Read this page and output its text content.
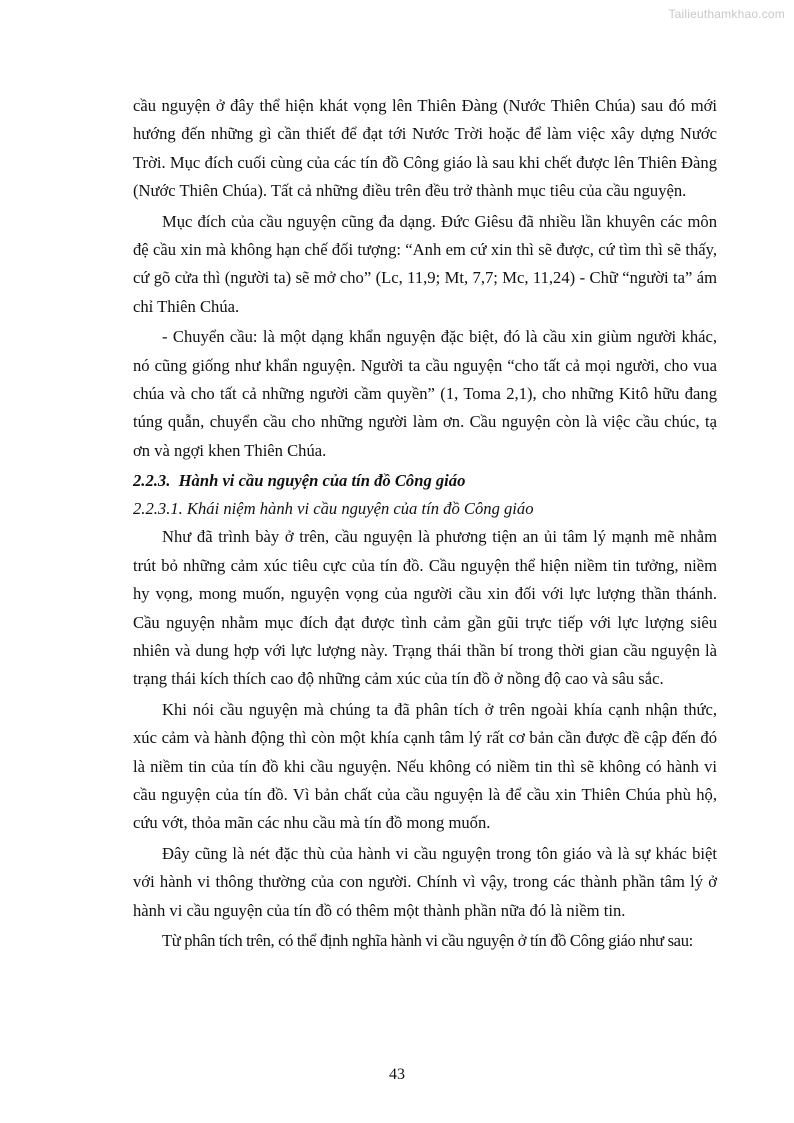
Tailieuthamkhao.com

cầu nguyện ở đây thể hiện khát vọng lên Thiên Đàng (Nước Thiên Chúa) sau đó mới hướng đến những gì cần thiết để đạt tới Nước Trời hoặc để làm việc xây dựng Nước Trời. Mục đích cuối cùng của các tín đồ Công giáo là sau khi chết được lên Thiên Đàng (Nước Thiên Chúa). Tất cả những điều trên đều trở thành mục tiêu của cầu nguyện.

Mục đích của cầu nguyện cũng đa dạng. Đức Giêsu đã nhiều lần khuyên các môn đệ cầu xin mà không hạn chế đối tượng: “Anh em cứ xin thì sẽ được, cứ tìm thì sẽ thấy, cứ gõ cửa thì (người ta) sẽ mở cho” (Lc, 11,9; Mt, 7,7; Mc, 11,24) - Chữ “người ta” ám chỉ Thiên Chúa.

- Chuyển cầu: là một dạng khẩn nguyện đặc biệt, đó là cầu xin giùm người khác, nó cũng giống như khẩn nguyện. Người ta cầu nguyện “cho tất cả mọi người, cho vua chúa và cho tất cả những người cầm quyền” (1, Toma 2,1), cho những Kitô hữu đang túng quẫn, chuyển cầu cho những người làm ơn. Cầu nguyện còn là việc cầu chúc, tạ ơn và ngợi khen Thiên Chúa.

2.2.3.  Hành vi cầu nguyện của tín đồ Công giáo

2.2.3.1. Khái niệm hành vi cầu nguyện của tín đồ Công giáo

Như đã trình bày ở trên, cầu nguyện là phương tiện an ủi tâm lý mạnh mẽ nhằm trút bỏ những cảm xúc tiêu cực của tín đồ. Cầu nguyện thể hiện niềm tin tưởng, niềm hy vọng, mong muốn, nguyện vọng của người cầu xin đối với lực lượng thần thánh. Cầu nguyện nhằm mục đích đạt được tình cảm gần gũi trực tiếp với lực lượng siêu nhiên và dung hợp với lực lượng này. Trạng thái thần bí trong thời gian cầu nguyện là trạng thái kích thích cao độ những cảm xúc của tín đồ ở nồng độ cao và sâu sắc.

Khi nói cầu nguyện mà chúng ta đã phân tích ở trên ngoài khía cạnh nhận thức, xúc cảm và hành động thì còn một khía cạnh tâm lý rất cơ bản cần được đề cập đến đó là niềm tin của tín đồ khi cầu nguyện. Nếu không có niềm tin thì sẽ không có hành vi cầu nguyện của tín đồ. Vì bản chất của cầu nguyện là để cầu xin Thiên Chúa phù hộ, cứu vớt, thỏa mãn các nhu cầu mà tín đồ mong muốn.

Đây cũng là nét đặc thù của hành vi cầu nguyện trong tôn giáo và là sự khác biệt với hành vi thông thường của con người. Chính vì vậy, trong các thành phần tâm lý ở hành vi cầu nguyện của tín đồ có thêm một thành phần nữa đó là niềm tin.

Từ phân tích trên, có thể định nghĩa hành vi cầu nguyện ở tín đồ Công giáo như sau:

43
